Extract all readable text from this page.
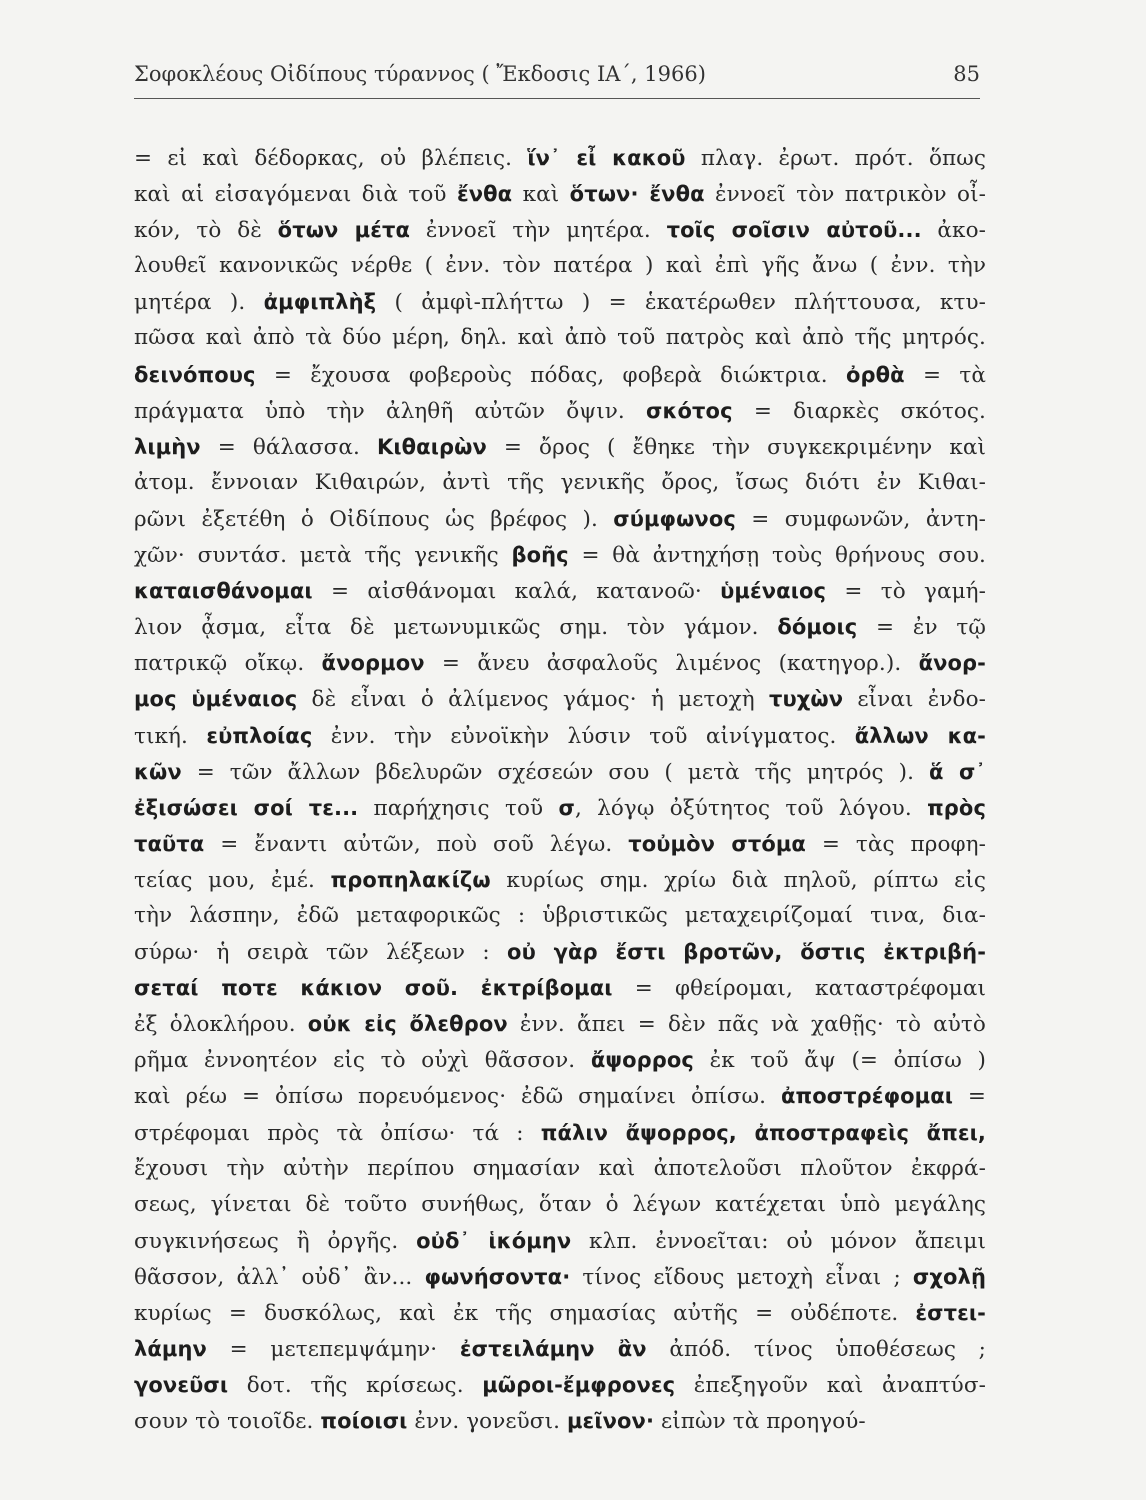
Σοφοκλέους Οἰδίπους τύραννος ( Ἔκδοσις ΙΑ΄, 1966)	85
= εἰ καὶ δέδορκας, οὐ βλέπεις. ἵν᾽ εἶ κακοῦ πλαγ. ἐρωτ. πρότ. ὅπως
καὶ αἱ εἰσαγόμεναι διὰ τοῦ ἔνθα καὶ ὅτων· ἔνθα ἐννοεῖ τὸν πατρικὸν οἶ-
κόν, τὸ δὲ ὅτων μέτα ἐννοεῖ τὴν μητέρα. τοῖς σοῖσιν αὐτοῦ... ἀκο-
λουθεῖ κανονικῶς νέρθε ( ἐνν. τὸν πατέρα ) καὶ ἐπὶ γῆς ἄνω ( ἐνν. τὴν
μητέρα ). ἀμφιπλὴξ ( ἀμφὶ-πλήττω ) = ἑκατέρωθεν πλήττουσα, κτυ-
πῶσα καὶ ἀπὸ τὰ δύο μέρη, δηλ. καὶ ἀπὸ τοῦ πατρὸς καὶ ἀπὸ τῆς μητρός.
δεινόπους = ἔχουσα φοβεροὺς πόδας, φοβερὰ διώκτρια. ὀρθὰ = τὰ
πράγματα ὑπὸ τὴν ἀληθῆ αὐτῶν ὄψιν. σκότος = διαρκὲς σκότος.
λιμὴν = θάλασσα. Κιθαιρὼν = ὄρος ( ἔθηκε τὴν συγκεκριμένην καὶ
ἀτομ. ἔννοιαν Κιθαιρών, ἀντὶ τῆς γενικῆς ὄρος, ἴσως διότι ἐν Κιθαι-
ρῶνι ἐξετέθη ὁ Οἰδίπους ὡς βρέφος ). σύμφωνος = συμφωνῶν, ἀντη-
χῶν· συντάσ. μετὰ τῆς γενικῆς βοῆς = θὰ ἀντηχήσῃ τοὺς θρήνους σου.
καταισθάνομαι = αἰσθάνομαι καλά, κατανοῶ· ὑμέναιος = τὸ γαμή-
λιον ᾆσμα, εἶτα δὲ μετωνυμικῶς σημ. τὸν γάμον. δόμοις = ἐν τῷ
πατρικῷ οἴκῳ. ἄνορμον = ἄνευ ἀσφαλοῦς λιμένος (κατηγορ.). ἄνορ-
μος ὑμέναιος δὲ εἶναι ὁ ἀλίμενος γάμος· ἡ μετοχὴ τυχὼν εἶναι ἐνδο-
τική. εὐπλοίας ἐνν. τὴν εὐνοϊκὴν λύσιν τοῦ αἰνίγματος. ἄλλων κα-
κῶν = τῶν ἄλλων βδελυρῶν σχέσεών σου ( μετὰ τῆς μητρός ). ἅ σ᾽
ἐξισώσει σοί τε... παρήχησις τοῦ σ, λόγῳ ὀξύτητος τοῦ λόγου. πρὸς
ταῦτα = ἔναντι αὐτῶν, ποὺ σοῦ λέγω. τοὐμὸν στόμα = τὰς προφη-
τείας μου, ἐμέ. προπηλακίζω κυρίως σημ. χρίω διὰ πηλοῦ, ρίπτω εἰς
τὴν λάσπην, ἐδῶ μεταφορικῶς : ὑβριστικῶς μεταχειρίζομαί τινα, δια-
σύρω· ἡ σειρὰ τῶν λέξεων : οὐ γὰρ ἔστι βροτῶν, ὅστις ἐκτριβή-
σεταί ποτε κάκιον σοῦ. ἐκτρίβομαι = φθείρομαι, καταστρέφομαι
ἐξ ὁλοκλήρου. οὐκ εἰς ὄλεθρον ἐνν. ἄπει = δὲν πᾶς νὰ χαθῇς· τὸ αὐτὸ
ρῆμα ἐννοητέον εἰς τὸ οὐχὶ θᾶσσον. ἄψορρος ἐκ τοῦ ἄψ (= ὀπίσω )
καὶ ρέω = ὀπίσω πορευόμενος· ἐδῶ σημαίνει ὀπίσω. ἀποστρέφομαι =
στρέφομαι πρὸς τὰ ὀπίσω· τά : πάλιν ἄψορρος, ἀποστραφεὶς ἄπει,
ἔχουσι τὴν αὐτὴν περίπου σημασίαν καὶ ἀποτελοῦσι πλοῦτον ἐκφρά-
σεως, γίνεται δὲ τοῦτο συνήθως, ὅταν ὁ λέγων κατέχεται ὑπὸ μεγάλης
συγκινήσεως ἢ ὀργῆς. οὐδ᾽ ἱκόμην κλπ. ἐννοεῖται: οὐ μόνον ἄπειμι
θᾶσσον, ἀλλ᾽ οὐδ᾽ ἂν... φωνήσοντα· τίνος εἴδους μετοχὴ εἶναι ; σχολῇ
κυρίως = δυσκόλως, καὶ ἐκ τῆς σημασίας αὐτῆς = οὐδέποτε. ἐστει-
λάμην = μετεπεμψάμην· ἐστειλάμην ἂν ἀπόδ. τίνος ὑποθέσεως ;
γονεῦσι δοτ. τῆς κρίσεως. μῶροι-ἔμφρονες ἐπεξηγοῦν καὶ ἀναπτύσ-
σουν τὸ τοιοῖδε. ποίοισι ἐνν. γονεῦσι. μεῖνον· εἰπὼν τὰ προηγού-
